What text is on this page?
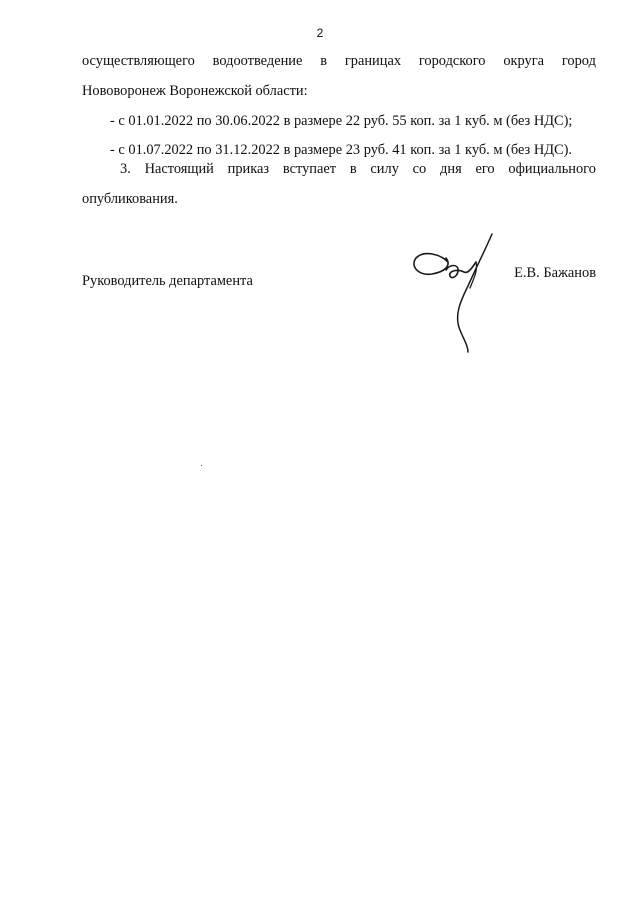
2
осуществляющего водоотведение в границах городского округа город
Нововоронеж Воронежской области:
- с 01.01.2022 по 30.06.2022 в размере 22 руб. 55 коп. за 1 куб. м (без НДС);
- с 01.07.2022 по 31.12.2022 в размере 23 руб. 41 коп. за 1 куб. м (без НДС).
3. Настоящий приказ вступает в силу со дня его официального
опубликования.
Руководитель департамента	Е.В. Бажанов
